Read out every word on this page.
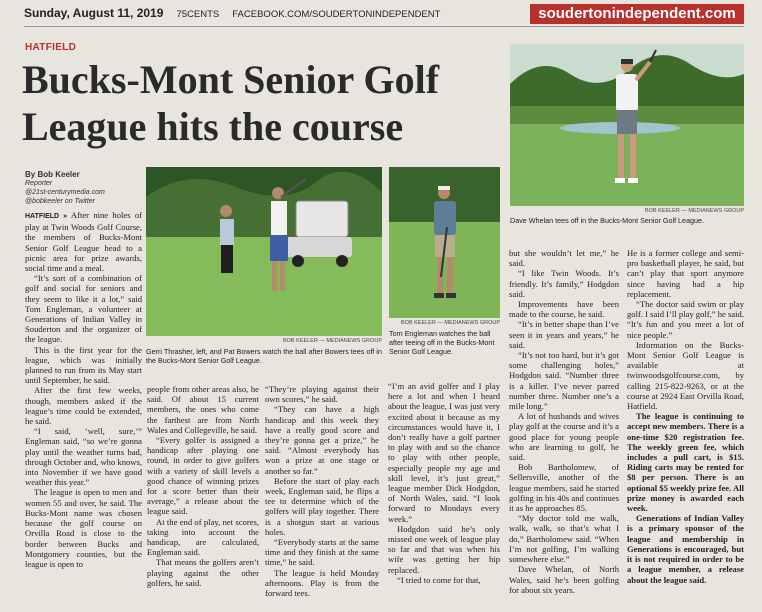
Sunday, August 11, 2019 75CENTS FACEBOOK.COM/SOUDERTONINDEPENDENT	soudertonindependent.com
HATFIELD
Bucks-Mont Senior Golf League hits the course
By Bob Keeler
Reporter
@21st-centurymedia.com
@bobkeeler on Twitter
BOB KEELER — MEDIANEWS GROUP
Dave Whelan tees off in the Bucks-Mont Senior Golf League.
BOB KEELER — MEDIANEWS GROUP
Gerri Thrasher, left, and Pat Bowers watch the ball after Bowers tees off in the Bucks-Mont Senior Golf League.
BOB KEELER — MEDIANEWS GROUP
Tom Engleman watches the ball after teeing off in the Bucks-Mont Senior Golf League.

HATFIELD » After nine holes of play at Twin Woods Golf Course, the members of Bucks-Mont Senior Golf League head to a picnic area for prize awards, social time and a meal.

“It’s sort of a combination of golf and social for seniors and they seem to like it a lot,” said Tom Engleman, a volunteer at Generations of Indian Valley in Souderton and the organizer of the league.

This is the first year for the league, which was initially planned to run from its May start until September, he said.

After the first few weeks, though, members asked if the league’s time could be extended, he said.

“I said, ‘well, sure,’” Engleman said, “so we’re gonna play until the weather turns bad, through October and, who knows, into November if we have good weather this year.”

The league is open to men and women 55 and over, he said. The Bucks-Mont name was chosen because the golf course on Orvilla Road is close to the border between Bucks and Montgomery counties, but the league is open to

people from other areas also, he said. Of about 15 current members, the ones who come the farthest are from North Wales and Collegeville, he said.

“Every golfer is assigned a handicap after playing one round, in order to give golfers with a variety of skill levels a good chance of winning prizes for a score better than their average,” a release about the league said.

At the end of play, net scores, taking into account the handicap, are calculated, Engleman said.

That means the golfers aren’t playing against the other golfers, he said.

“They’re playing against their own scores,” he said.

“They can have a high handicap and this week they have a really good score and they’re gonna get a prize,” he said. “Almost everybody has won a prize at one stage or another so far.”

Before the start of play each week, Engleman said, he flips a tee to determine which of the golfers will play together. There is a shotgun start at various holes.

“Everybody starts at the same time and they finish at the same time,” he said.

The league is held Monday afternoons. Play is from the forward tees.

“I’m an avid golfer and I play here a lot and when I heard about the league, I was just very excited about it because as my circumstances would have it, I don’t really have a golf partner to play with and so the chance to play with other people, especially people my age and skill level, it’s just great,” league member Dick Hodgdon, of North Wales, said. “I look forward to Mondays every week.”

Hodgdon said he’s only missed one week of league play so far and that was when his wife was getting her hip replaced.

“I tried to come for that,

but she wouldn’t let me,” he said.

“I like Twin Woods. It’s friendly. It’s family,” Hodgdon said.

Improvements have been made to the course, he said.

“It’s in better shape than I’ve seen it in years and years,” he said.

“It’s not too hard, but it’s got some challenging holes,” Hodgdon said. “Number three is a killer. I’ve never parred number three. Number one’s a mile long.”

A lot of husbands and wives play golf at the course and it’s a good place for young people who are learning to golf, he said.

Bob Bartholomew, of Sellersville, another of the league members, said he started golfing in his 40s and continues it as he approaches 85.

“My doctor told me walk, walk, walk, so that’s what I do,” Bartholomew said. “When I’m not golfing, I’m walking somewhere else.”

Dave Whelan, of North Wales, said he’s been golfing for about six years.

He is a former college and semi-pro basketball player, he said, but can’t play that sport anymore since having had a hip replacement.

“The doctor said swim or play golf. I said I’ll play golf,” he said. “It’s fun and you meet a lot of nice people.”

Information on the Bucks-Mont Senior Golf League is available at twinwoodsgolfcourse.com, by calling 215-822-9263, or at the course at 2924 East Orvilla Road, Hatfield.

The league is continuing to accept new members. There is a one-time $20 registration fee. The weekly green fee, which includes a pull cart, is $15. Riding carts may be rented for $8 per person. There is an optional $5 weekly prize fee. All prize money is awarded each week.

Generations of Indian Valley is a primary sponsor of the league and membership in Generations is encouraged, but it is not required in order to be a league member, a release about the league said.
